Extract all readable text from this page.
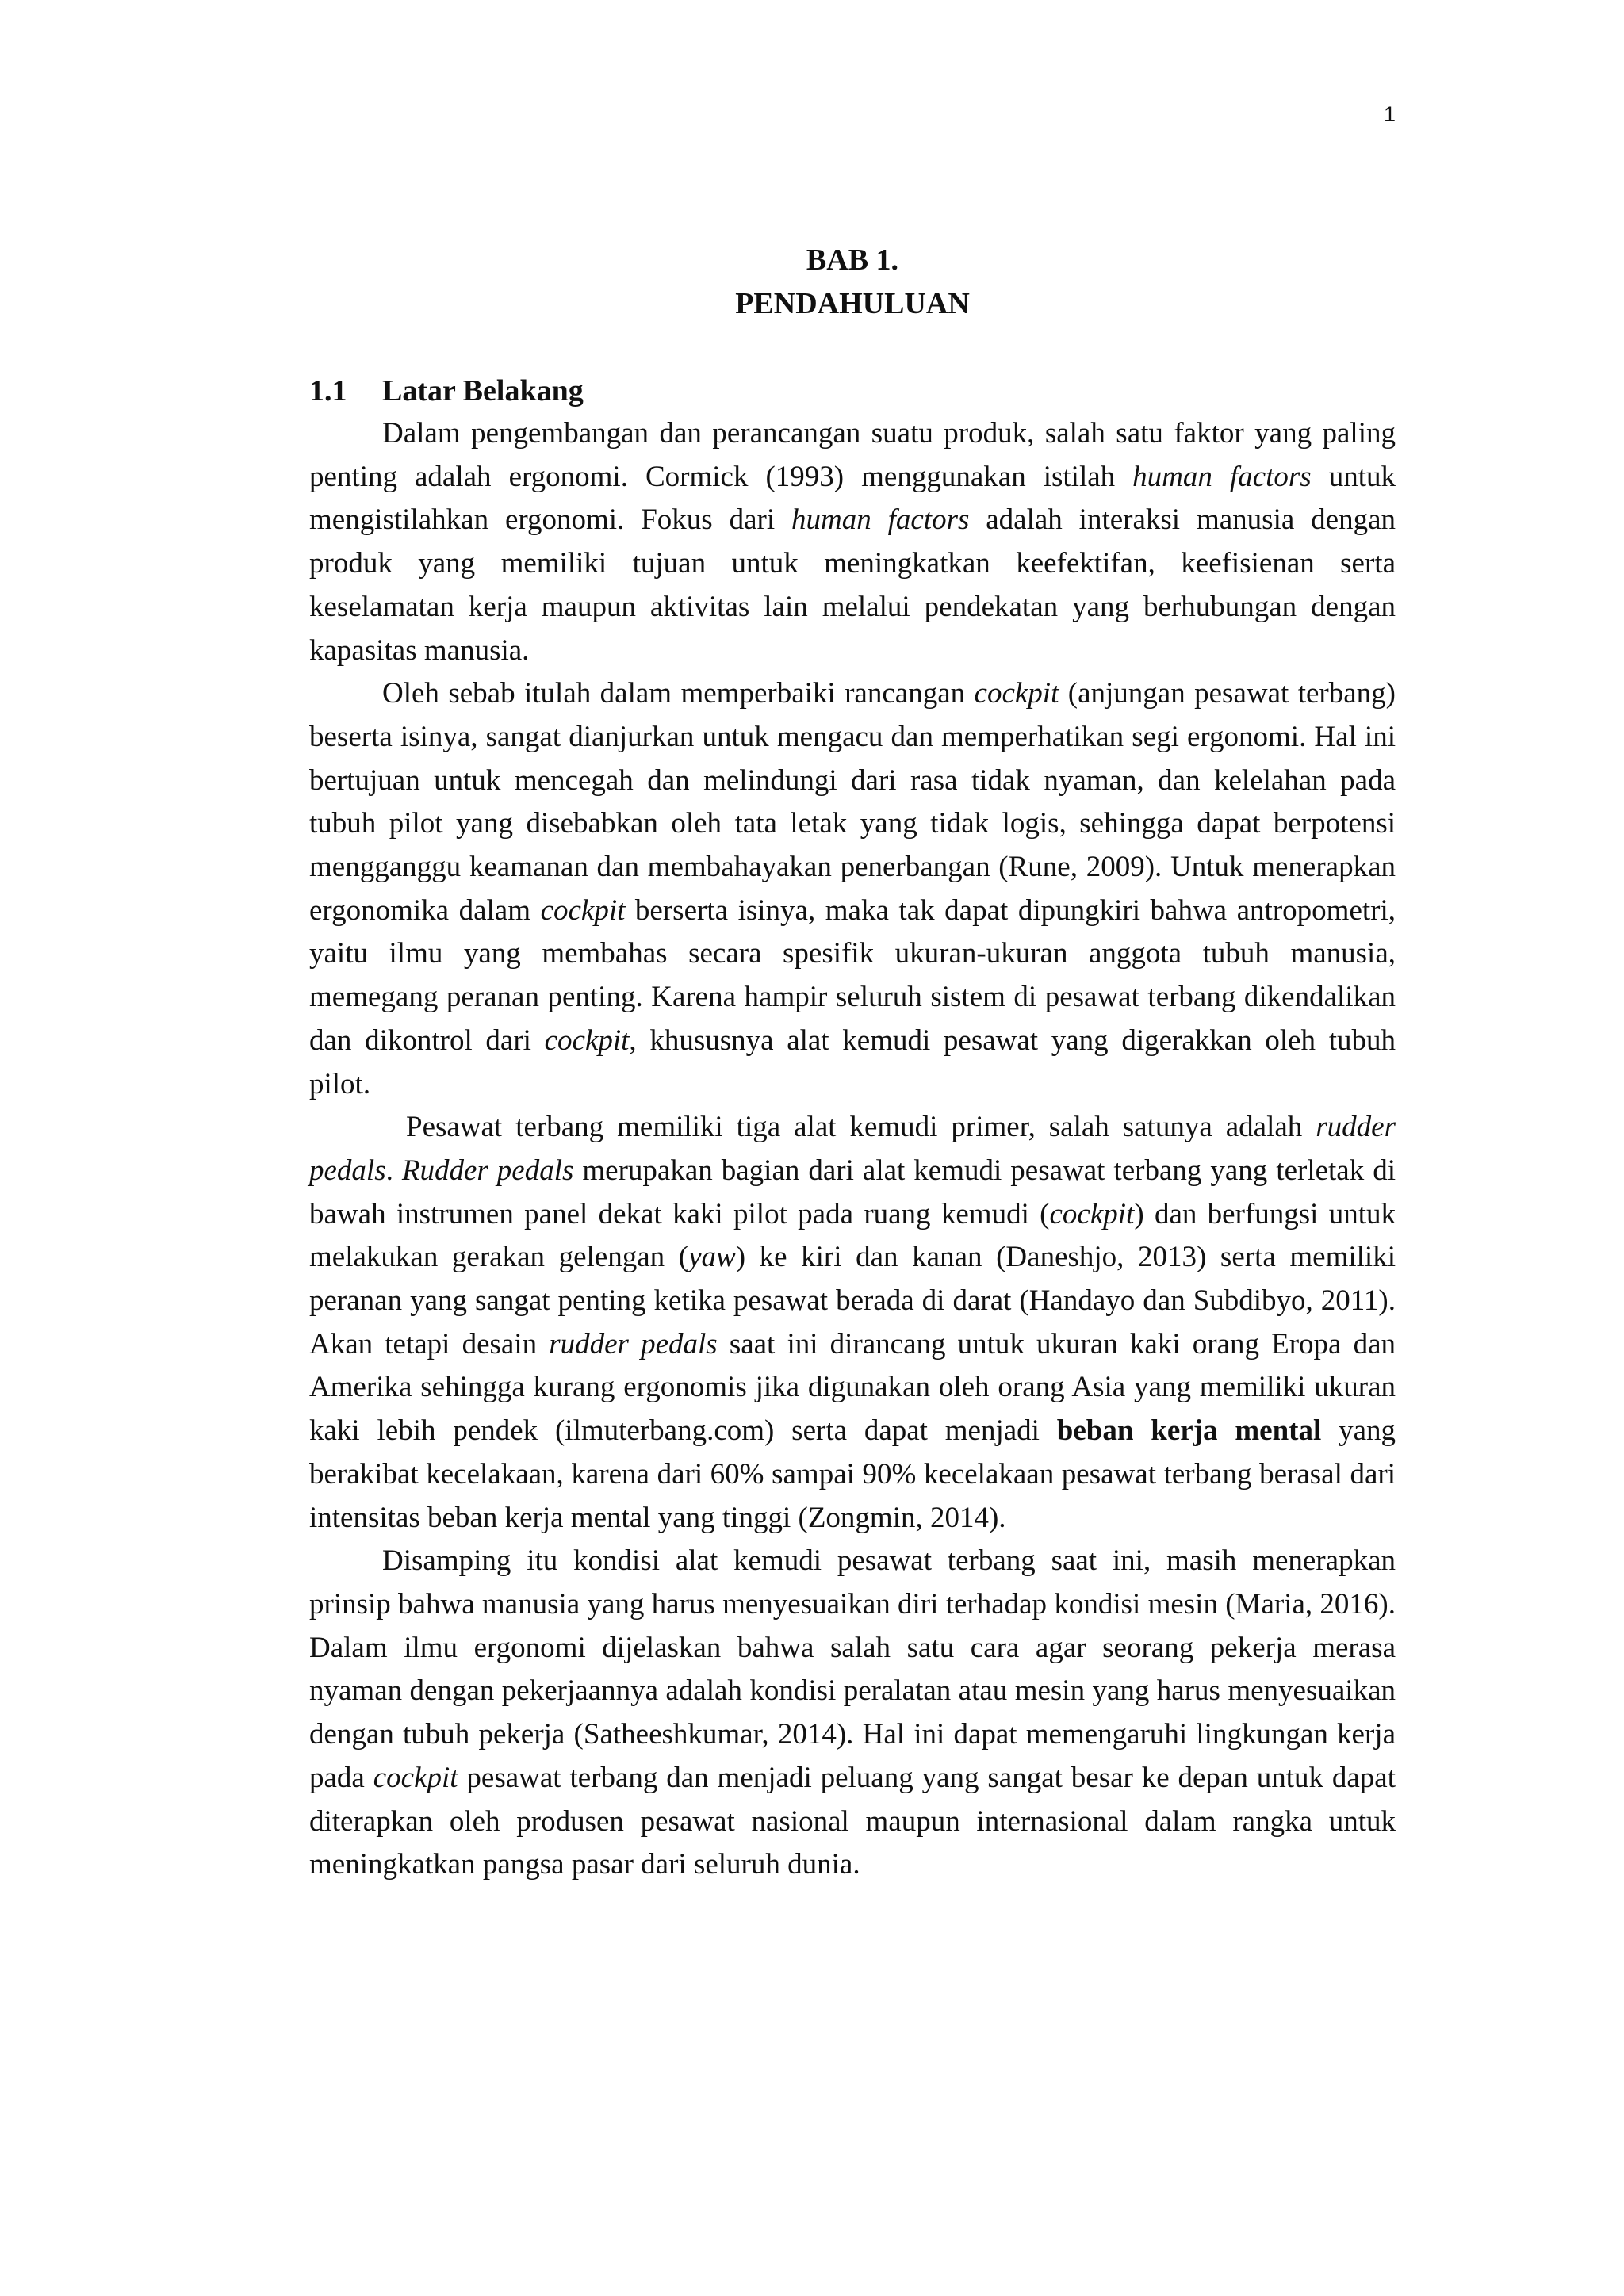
1
BAB 1.
PENDAHULUAN
1.1 Latar Belakang

Dalam pengembangan dan perancangan suatu produk, salah satu faktor yang paling penting adalah ergonomi. Cormick (1993) menggunakan istilah human factors untuk mengistilahkan ergonomi. Fokus dari human factors adalah interaksi manusia dengan produk yang memiliki tujuan untuk meningkatkan keefektifan, keefisienan serta keselamatan kerja maupun aktivitas lain melalui pendekatan yang berhubungan dengan kapasitas manusia.

Oleh sebab itulah dalam memperbaiki rancangan cockpit (anjungan pesawat terbang) beserta isinya, sangat dianjurkan untuk mengacu dan memperhatikan segi ergonomi. Hal ini bertujuan untuk mencegah dan melindungi dari rasa tidak nyaman, dan kelelahan pada tubuh pilot yang disebabkan oleh tata letak yang tidak logis, sehingga dapat berpotensi mengganggu keamanan dan membahayakan penerbangan (Rune, 2009). Untuk menerapkan ergonomika dalam cockpit berserta isinya, maka tak dapat dipungkiri bahwa antropometri, yaitu ilmu yang membahas secara spesifik ukuran-ukuran anggota tubuh manusia, memegang peranan penting. Karena hampir seluruh sistem di pesawat terbang dikendalikan dan dikontrol dari cockpit, khususnya alat kemudi pesawat yang digerakkan oleh tubuh pilot.

Pesawat terbang memiliki tiga alat kemudi primer, salah satunya adalah rudder pedals. Rudder pedals merupakan bagian dari alat kemudi pesawat terbang yang terletak di bawah instrumen panel dekat kaki pilot pada ruang kemudi (cockpit) dan berfungsi untuk melakukan gerakan gelengan (yaw) ke kiri dan kanan (Daneshjo, 2013) serta memiliki peranan yang sangat penting ketika pesawat berada di darat (Handayo dan Subdibyo, 2011). Akan tetapi desain rudder pedals saat ini dirancang untuk ukuran kaki orang Eropa dan Amerika sehingga kurang ergonomis jika digunakan oleh orang Asia yang memiliki ukuran kaki lebih pendek (ilmuterbang.com) serta dapat menjadi beban kerja mental yang berakibat kecelakaan, karena dari 60% sampai 90% kecelakaan pesawat terbang berasal dari intensitas beban kerja mental yang tinggi (Zongmin, 2014).

Disamping itu kondisi alat kemudi pesawat terbang saat ini, masih menerapkan prinsip bahwa manusia yang harus menyesuaikan diri terhadap kondisi mesin (Maria, 2016). Dalam ilmu ergonomi dijelaskan bahwa salah satu cara agar seorang pekerja merasa nyaman dengan pekerjaannya adalah kondisi peralatan atau mesin yang harus menyesuaikan dengan tubuh pekerja (Satheeshkumar, 2014). Hal ini dapat memengaruhi lingkungan kerja pada cockpit pesawat terbang dan menjadi peluang yang sangat besar ke depan untuk dapat diterapkan oleh produsen pesawat nasional maupun internasional dalam rangka untuk meningkatkan pangsa pasar dari seluruh dunia.
